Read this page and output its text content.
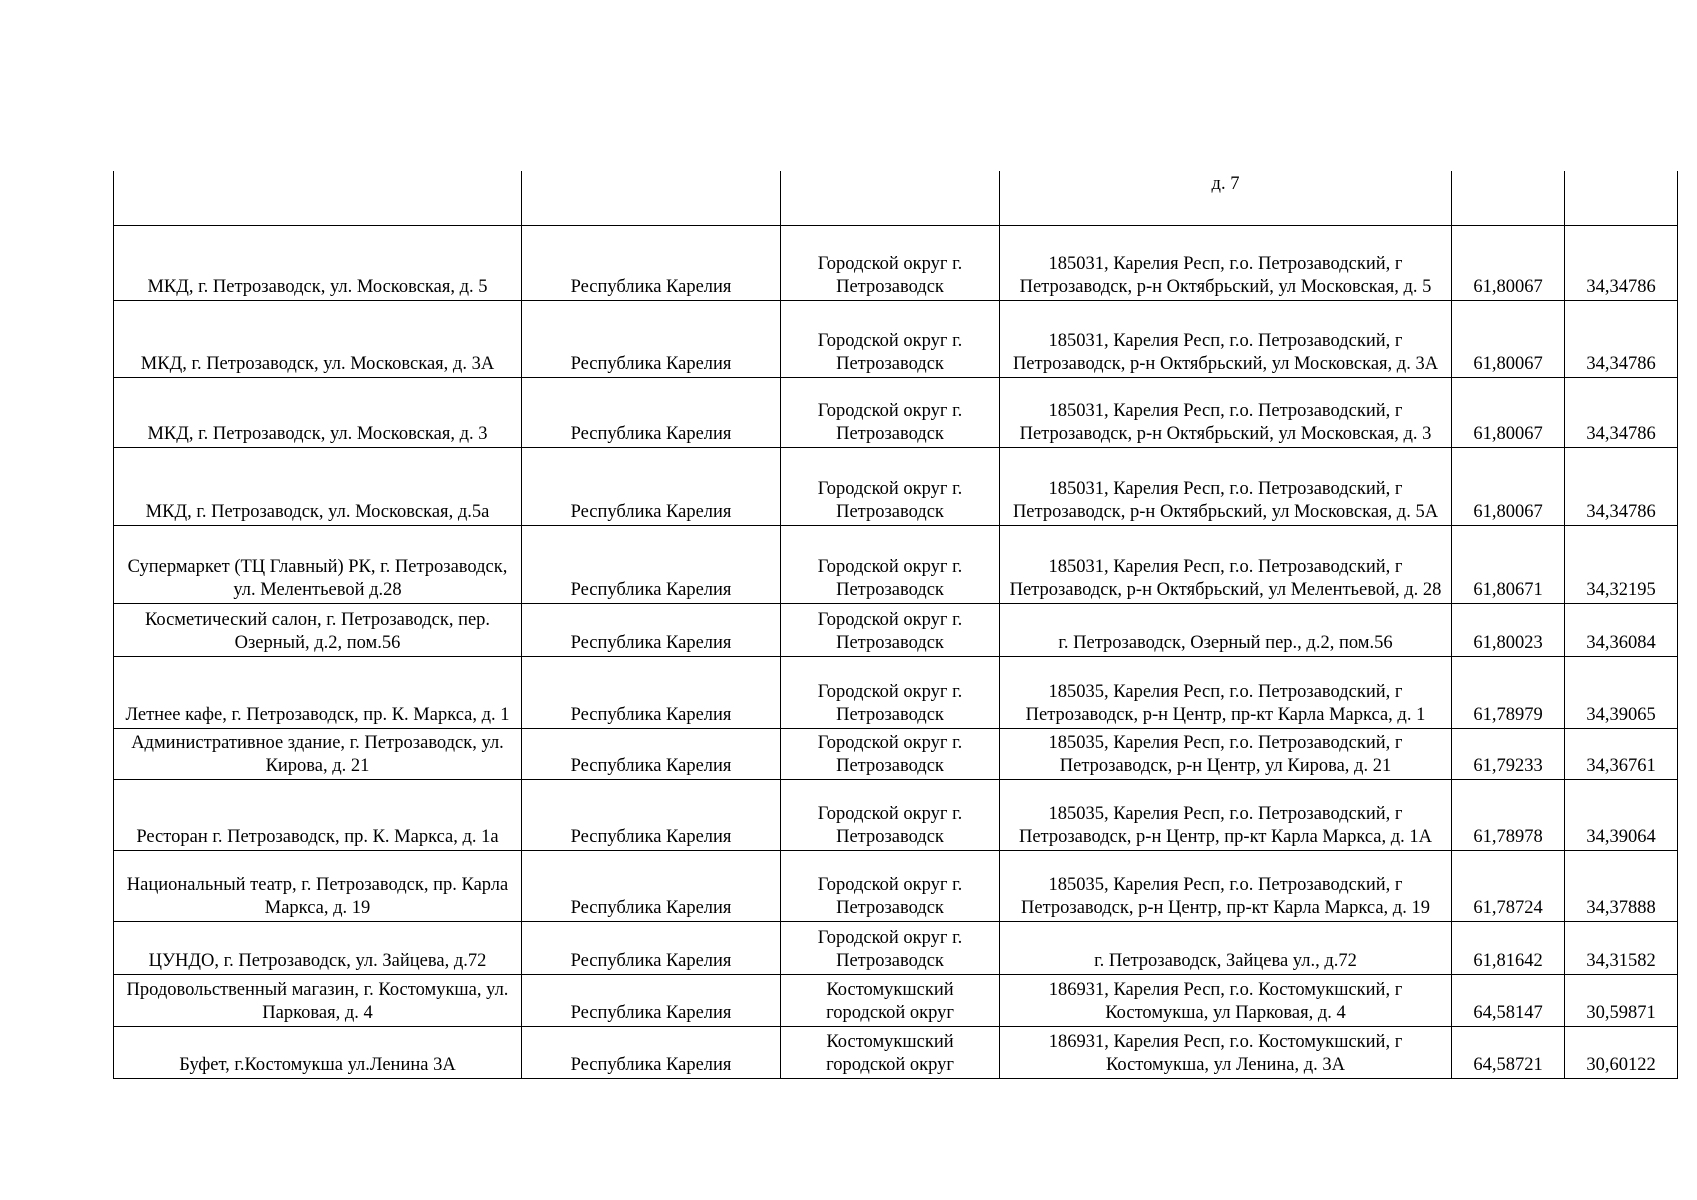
			д. 7		
МКД, г. Петрозаводск, ул. Московская, д. 5	Республика Карелия	Городской округ г. Петрозаводск	185031, Карелия Респ, г.о. Петрозаводский, г Петрозаводск, р-н Октябрьский, ул Московская, д. 5	61,80067	34,34786
МКД, г. Петрозаводск, ул. Московская, д. 3А	Республика Карелия	Городской округ г. Петрозаводск	185031, Карелия Респ, г.о. Петрозаводский, г Петрозаводск, р-н Октябрьский, ул Московская, д. 3А	61,80067	34,34786
МКД, г. Петрозаводск, ул. Московская, д. 3	Республика Карелия	Городской округ г. Петрозаводск	185031, Карелия Респ, г.о. Петрозаводский, г Петрозаводск, р-н Октябрьский, ул Московская, д. 3	61,80067	34,34786
МКД, г. Петрозаводск, ул. Московская, д.5а	Республика Карелия	Городской округ г. Петрозаводск	185031, Карелия Респ, г.о. Петрозаводский, г Петрозаводск, р-н Октябрьский, ул Московская, д. 5А	61,80067	34,34786
Супермаркет (ТЦ Главный) РК, г. Петрозаводск, ул. Мелентьевой д.28	Республика Карелия	Городской округ г. Петрозаводск	185031, Карелия Респ, г.о. Петрозаводский, г Петрозаводск, р-н Октябрьский, ул Мелентьевой, д. 28	61,80671	34,32195
Косметический салон, г. Петрозаводск, пер. Озерный, д.2, пом.56	Республика Карелия	Городской округ г. Петрозаводск	г. Петрозаводск, Озерный пер., д.2, пом.56	61,80023	34,36084
Летнее кафе, г. Петрозаводск, пр. К. Маркса, д. 1	Республика Карелия	Городской округ г. Петрозаводск	185035, Карелия Респ, г.о. Петрозаводский, г Петрозаводск, р-н Центр, пр-кт Карла Маркса, д. 1	61,78979	34,39065
Административное здание, г. Петрозаводск, ул. Кирова, д. 21	Республика Карелия	Городской округ г. Петрозаводск	185035, Карелия Респ, г.о. Петрозаводский, г Петрозаводск, р-н Центр, ул Кирова, д. 21	61,79233	34,36761
Ресторан г. Петрозаводск, пр. К. Маркса, д. 1а	Республика Карелия	Городской округ г. Петрозаводск	185035, Карелия Респ, г.о. Петрозаводский, г Петрозаводск, р-н Центр, пр-кт Карла Маркса, д. 1А	61,78978	34,39064
Национальный театр, г. Петрозаводск, пр. Карла Маркса, д. 19	Республика Карелия	Городской округ г. Петрозаводск	185035, Карелия Респ, г.о. Петрозаводский, г Петрозаводск, р-н Центр, пр-кт Карла Маркса, д. 19	61,78724	34,37888
ЦУНДО, г. Петрозаводск, ул. Зайцева, д.72	Республика Карелия	Городской округ г. Петрозаводск	г. Петрозаводск, Зайцева ул., д.72	61,81642	34,31582
Продовольственный магазин, г. Костомукша, ул. Парковая, д. 4	Республика Карелия	Костомукшский городской округ	186931, Карелия Респ, г.о. Костомукшский, г Костомукша, ул Парковая, д. 4	64,58147	30,59871
Буфет, г.Костомукша ул.Ленина 3А	Республика Карелия	Костомукшский городской округ	186931, Карелия Респ, г.о. Костомукшский, г Костомукша, ул Ленина, д. 3А	64,58721	30,60122
